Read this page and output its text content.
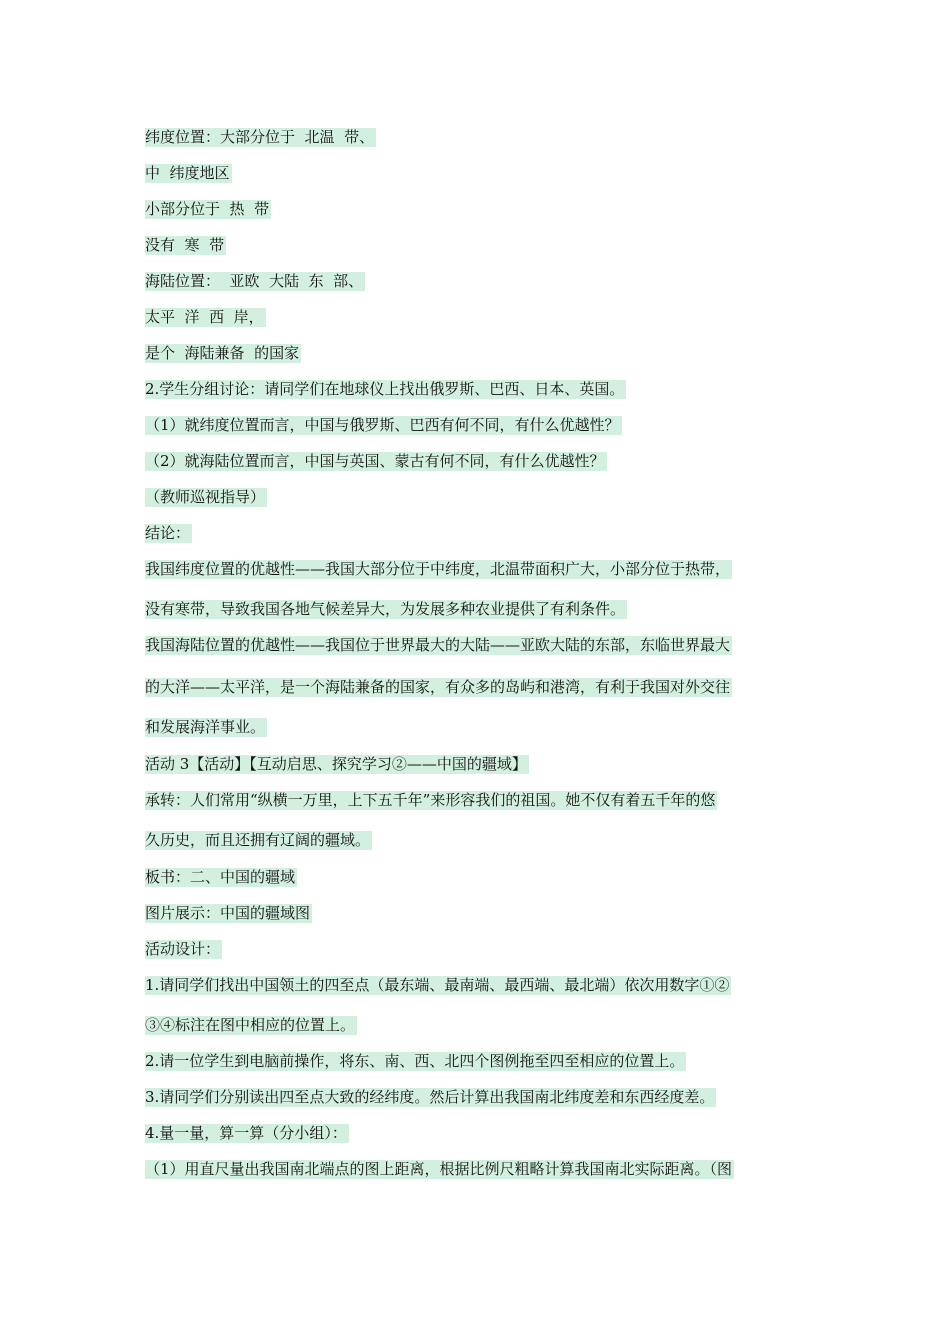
纬度位置：大部分位于  北温  带、

中  纬度地区

小部分位于  热  带

没有  寒  带

海陆位置：  亚欧  大陆  东  部、

太平  洋  西  岸，

是个  海陆兼备  的国家

2.学生分组讨论：请同学们在地球仪上找出俄罗斯、巴西、日本、英国。

（1）就纬度位置而言，中国与俄罗斯、巴西有何不同，有什么优越性？

（2）就海陆位置而言，中国与英国、蒙古有何不同，有什么优越性？

（教师巡视指导）

结论：

我国纬度位置的优越性——我国大部分位于中纬度，北温带面积广大，小部分位于热带，

没有寒带，导致我国各地气候差异大，为发展多种农业提供了有利条件。

我国海陆位置的优越性——我国位于世界最大的大陆——亚欧大陆的东部，东临世界最大

的大洋——太平洋，是一个海陆兼备的国家，有众多的岛屿和港湾，有利于我国对外交往

和发展海洋事业。

活动 3【活动】【互动启思、探究学习②——中国的疆域】

承转：人们常用“纵横一万里，上下五千年”来形容我们的祖国。她不仅有着五千年的悠

久历史，而且还拥有辽阔的疆域。

板书：二、中国的疆域

图片展示：中国的疆域图

活动设计：

1.请同学们找出中国领土的四至点（最东端、最南端、最西端、最北端）依次用数字①②

③④标注在图中相应的位置上。

2.请一位学生到电脑前操作，将东、南、西、北四个图例拖至四至相应的位置上。

3.请同学们分别读出四至点大致的经纬度。然后计算出我国南北纬度差和东西经度差。

4.量一量，算一算（分小组）：

（1）用直尺量出我国南北端点的图上距离，根据比例尺粗略计算我国南北实际距离。（图
